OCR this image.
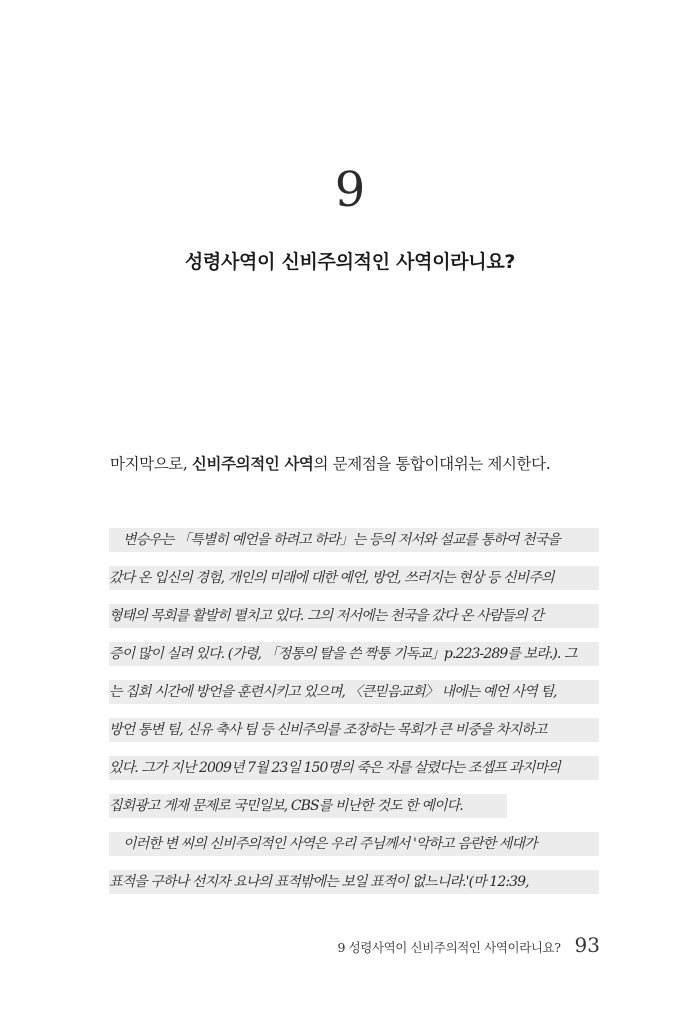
9
성령사역이 신비주의적인 사역이라니요?
마지막으로, 신비주의적인 사역의 문제점을 통합이대위는 제시한다.
변승우는 「특별히 예언을 하려고 하라」는 등의 저서와 설교를 통하여 천국을
갔다 온 입신의 경험, 개인의 미래에 대한 예언, 방언, 쓰러지는 현상 등 신비주의
형태의 목회를 활발히 펼치고 있다. 그의 저서에는 천국을 갔다 온 사람들의 간
증이 많이 실려 있다. (가령, 「정통의 탈을 쓴 짝퉁 기독교」p.223-289를 보라.). 그
는 집회 시간에 방언을 훈련시키고 있으며, 〈큰믿음교회〉 내에는 예언 사역 팀,
방언 통변 팀, 신유 축사 팀 등 신비주의를 조장하는 목회가 큰 비중을 차지하고
있다. 그가 지난 2009년 7월 23일 150명의 죽은 자를 살렸다는 조셉프 과지마의
집회광고 게재 문제로 국민일보, CBS를 비난한 것도 한 예이다.
이러한 변 씨의 신비주의적인 사역은 우리 주님께서 '악하고 음란한 세대가
표적을 구하나 선지자 요나의 표적밖에는 보일 표적이 없느니라.'(마 12:39,
9 성령사역이 신비주의적인 사역이라니요? 93
